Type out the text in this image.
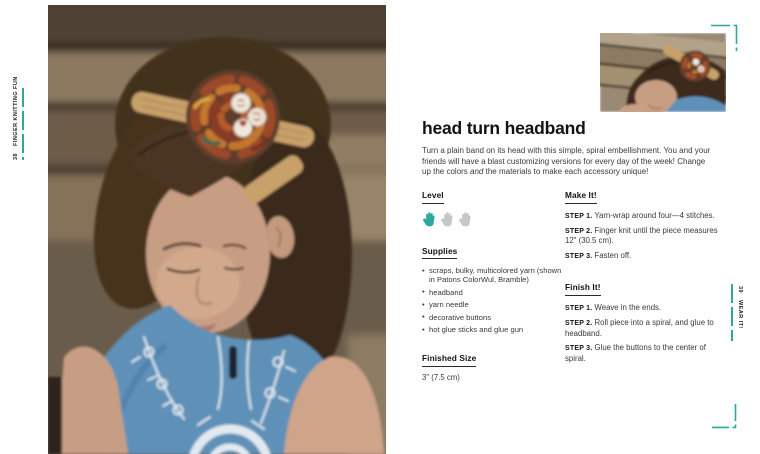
38FINGER KNITTING FUN	head turn headband
Turn a plain band on its head with this simple, spiral embellishment. You and your friends will have a blast customizing versions for every day of the week! Change up the colors and the materials to make each accessory unique!
Level
Supplies
• scraps, bulky, multicolored yarn (shown in Patons ColorWul, Bramble)
• headband
• yarn needle
• decorative buttons
• hot glue sticks and glue gun
Finished Size
3" (7.5 cm)
Make It!
STEP 1. Yarn-wrap around four—4 stitches.
STEP 2. Finger knit until the piece measures 12" (30.5 cm).
STEP 3. Fasten off.
Finish It!
STEP 1. Weave in the ends.
STEP 2. Roll piece into a spiral, and glue to headband.
STEP 3. Glue the buttons to the center of spiral.
39WEAR IT!
